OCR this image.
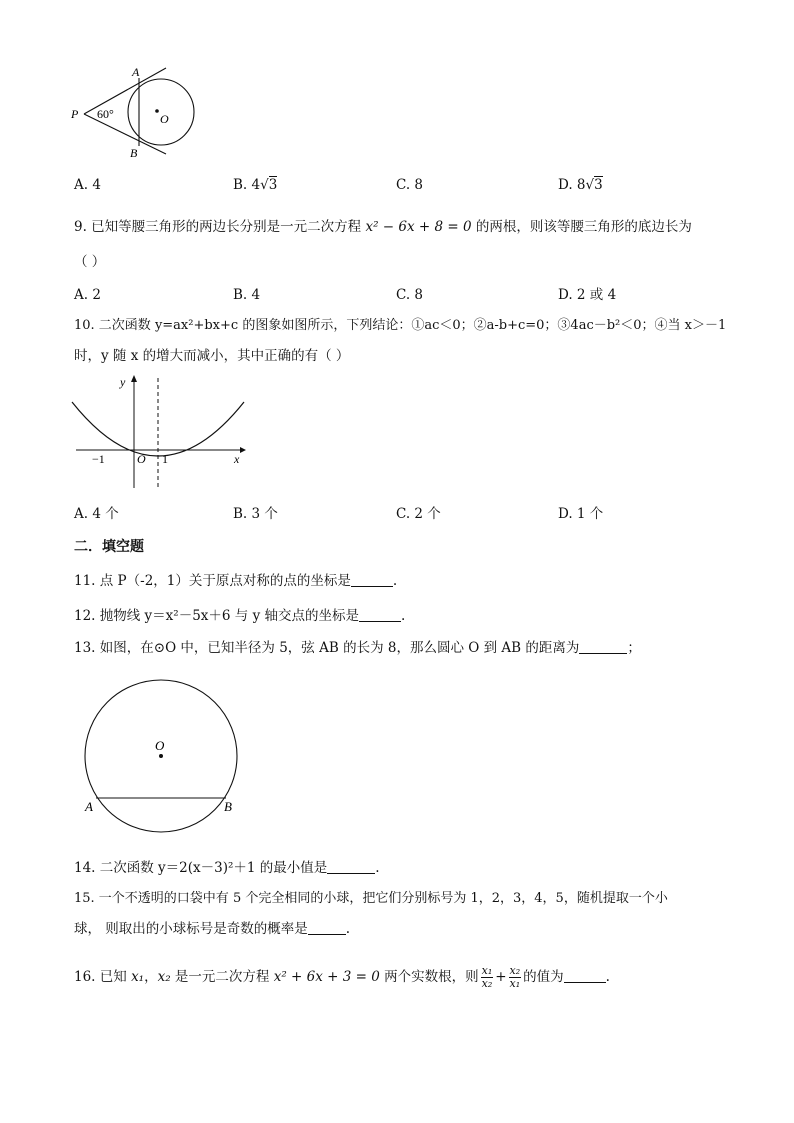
A
B
P	O
60°
A. 4	B. 4√3	C. 8	D. 8√3
9. 已知等腰三角形的两边长分别是一元二次方程 x² − 6x + 8 = 0 的两根，则该等腰三角形的底边长为
（ ）
A. 2	B. 4	C. 8	D. 2 或 4
10. 二次函数 y=ax²+bx+c 的图象如图所示，下列结论：①ac＜0；②a-b+c=0；③4ac－b²＜0；④当 x＞－1
时，y 随 x 的增大而减小，其中正确的有（ ）
y
x
O
−1	1
A. 4 个	B. 3 个	C. 2 个	D. 1 个
二．填空题
11. 点 P（-2，1）关于原点对称的点的坐标是	.
12. 抛物线 y＝x²－5x＋6 与 y 轴交点的坐标是	.
13. 如图，在⊙O 中，已知半径为 5，弦 AB 的长为 8，那么圆心 O 到 AB 的距离为	；
O
A	B
14. 二次函数 y＝2(x－3)²＋1 的最小值是	.
15. 一个不透明的口袋中有 5 个完全相同的小球，把它们分别标号为 1，2，3，4，5，随机提取一个小
球， 则取出的小球标号是奇数的概率是	.
16. 已知 x₁，x₂ 是一元二次方程 x² + 6x + 3 = 0 两个实数根，则 $\frac{\text{x₁}}{\text{x₂}} + \frac{\text{x₂}}{\text{x₁}}$ 的值为	.
